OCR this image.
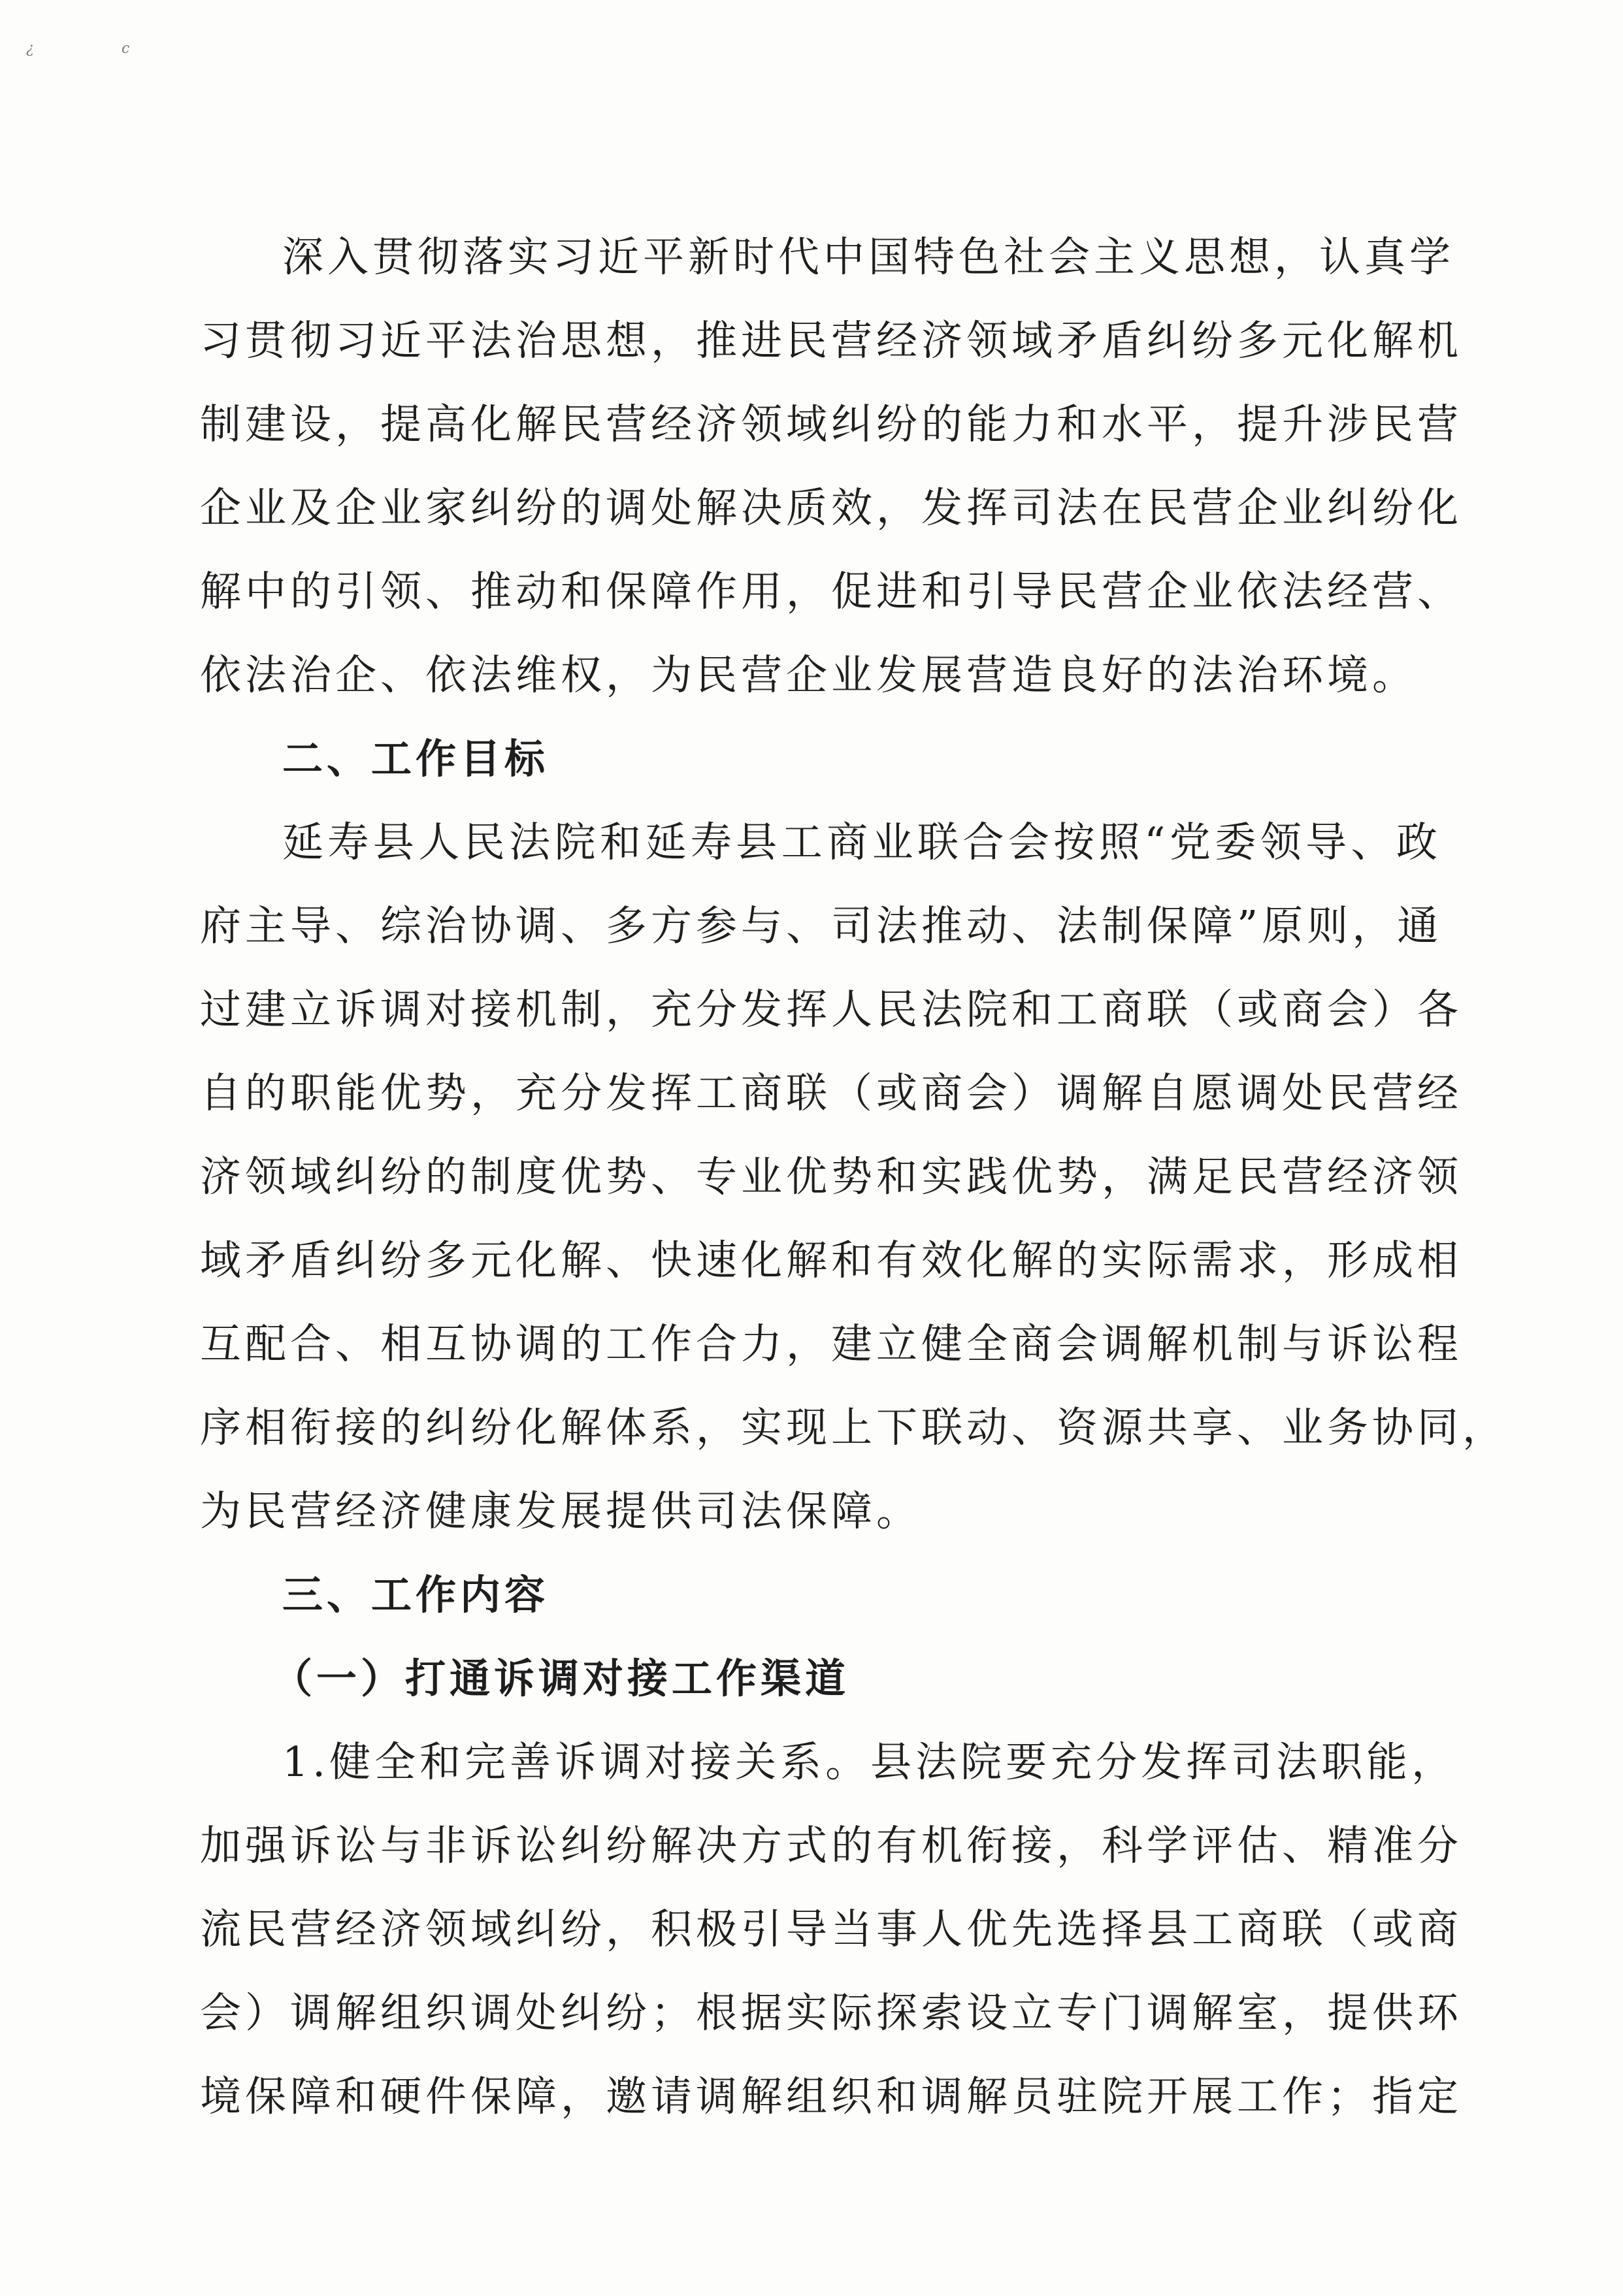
¿	c

深入贯彻落实习近平新时代中国特色社会主义思想，认真学
习贯彻习近平法治思想，推进民营经济领域矛盾纠纷多元化解机
制建设，提高化解民营经济领域纠纷的能力和水平，提升涉民营
企业及企业家纠纷的调处解决质效，发挥司法在民营企业纠纷化
解中的引领、推动和保障作用，促进和引导民营企业依法经营、
依法治企、依法维权，为民营企业发展营造良好的法治环境。

二、工作目标

延寿县人民法院和延寿县工商业联合会按照“党委领导、政
府主导、综治协调、多方参与、司法推动、法制保障”原则，通
过建立诉调对接机制，充分发挥人民法院和工商联（或商会）各
自的职能优势，充分发挥工商联（或商会）调解自愿调处民营经
济领域纠纷的制度优势、专业优势和实践优势，满足民营经济领
域矛盾纠纷多元化解、快速化解和有效化解的实际需求，形成相
互配合、相互协调的工作合力，建立健全商会调解机制与诉讼程
序相衔接的纠纷化解体系，实现上下联动、资源共享、业务协同，
为民营经济健康发展提供司法保障。

三、工作内容
（一）打通诉调对接工作渠道

1.健全和完善诉调对接关系。县法院要充分发挥司法职能，
加强诉讼与非诉讼纠纷解决方式的有机衔接，科学评估、精准分
流民营经济领域纠纷，积极引导当事人优先选择县工商联（或商
会）调解组织调处纠纷；根据实际探索设立专门调解室，提供环
境保障和硬件保障，邀请调解组织和调解员驻院开展工作；指定
